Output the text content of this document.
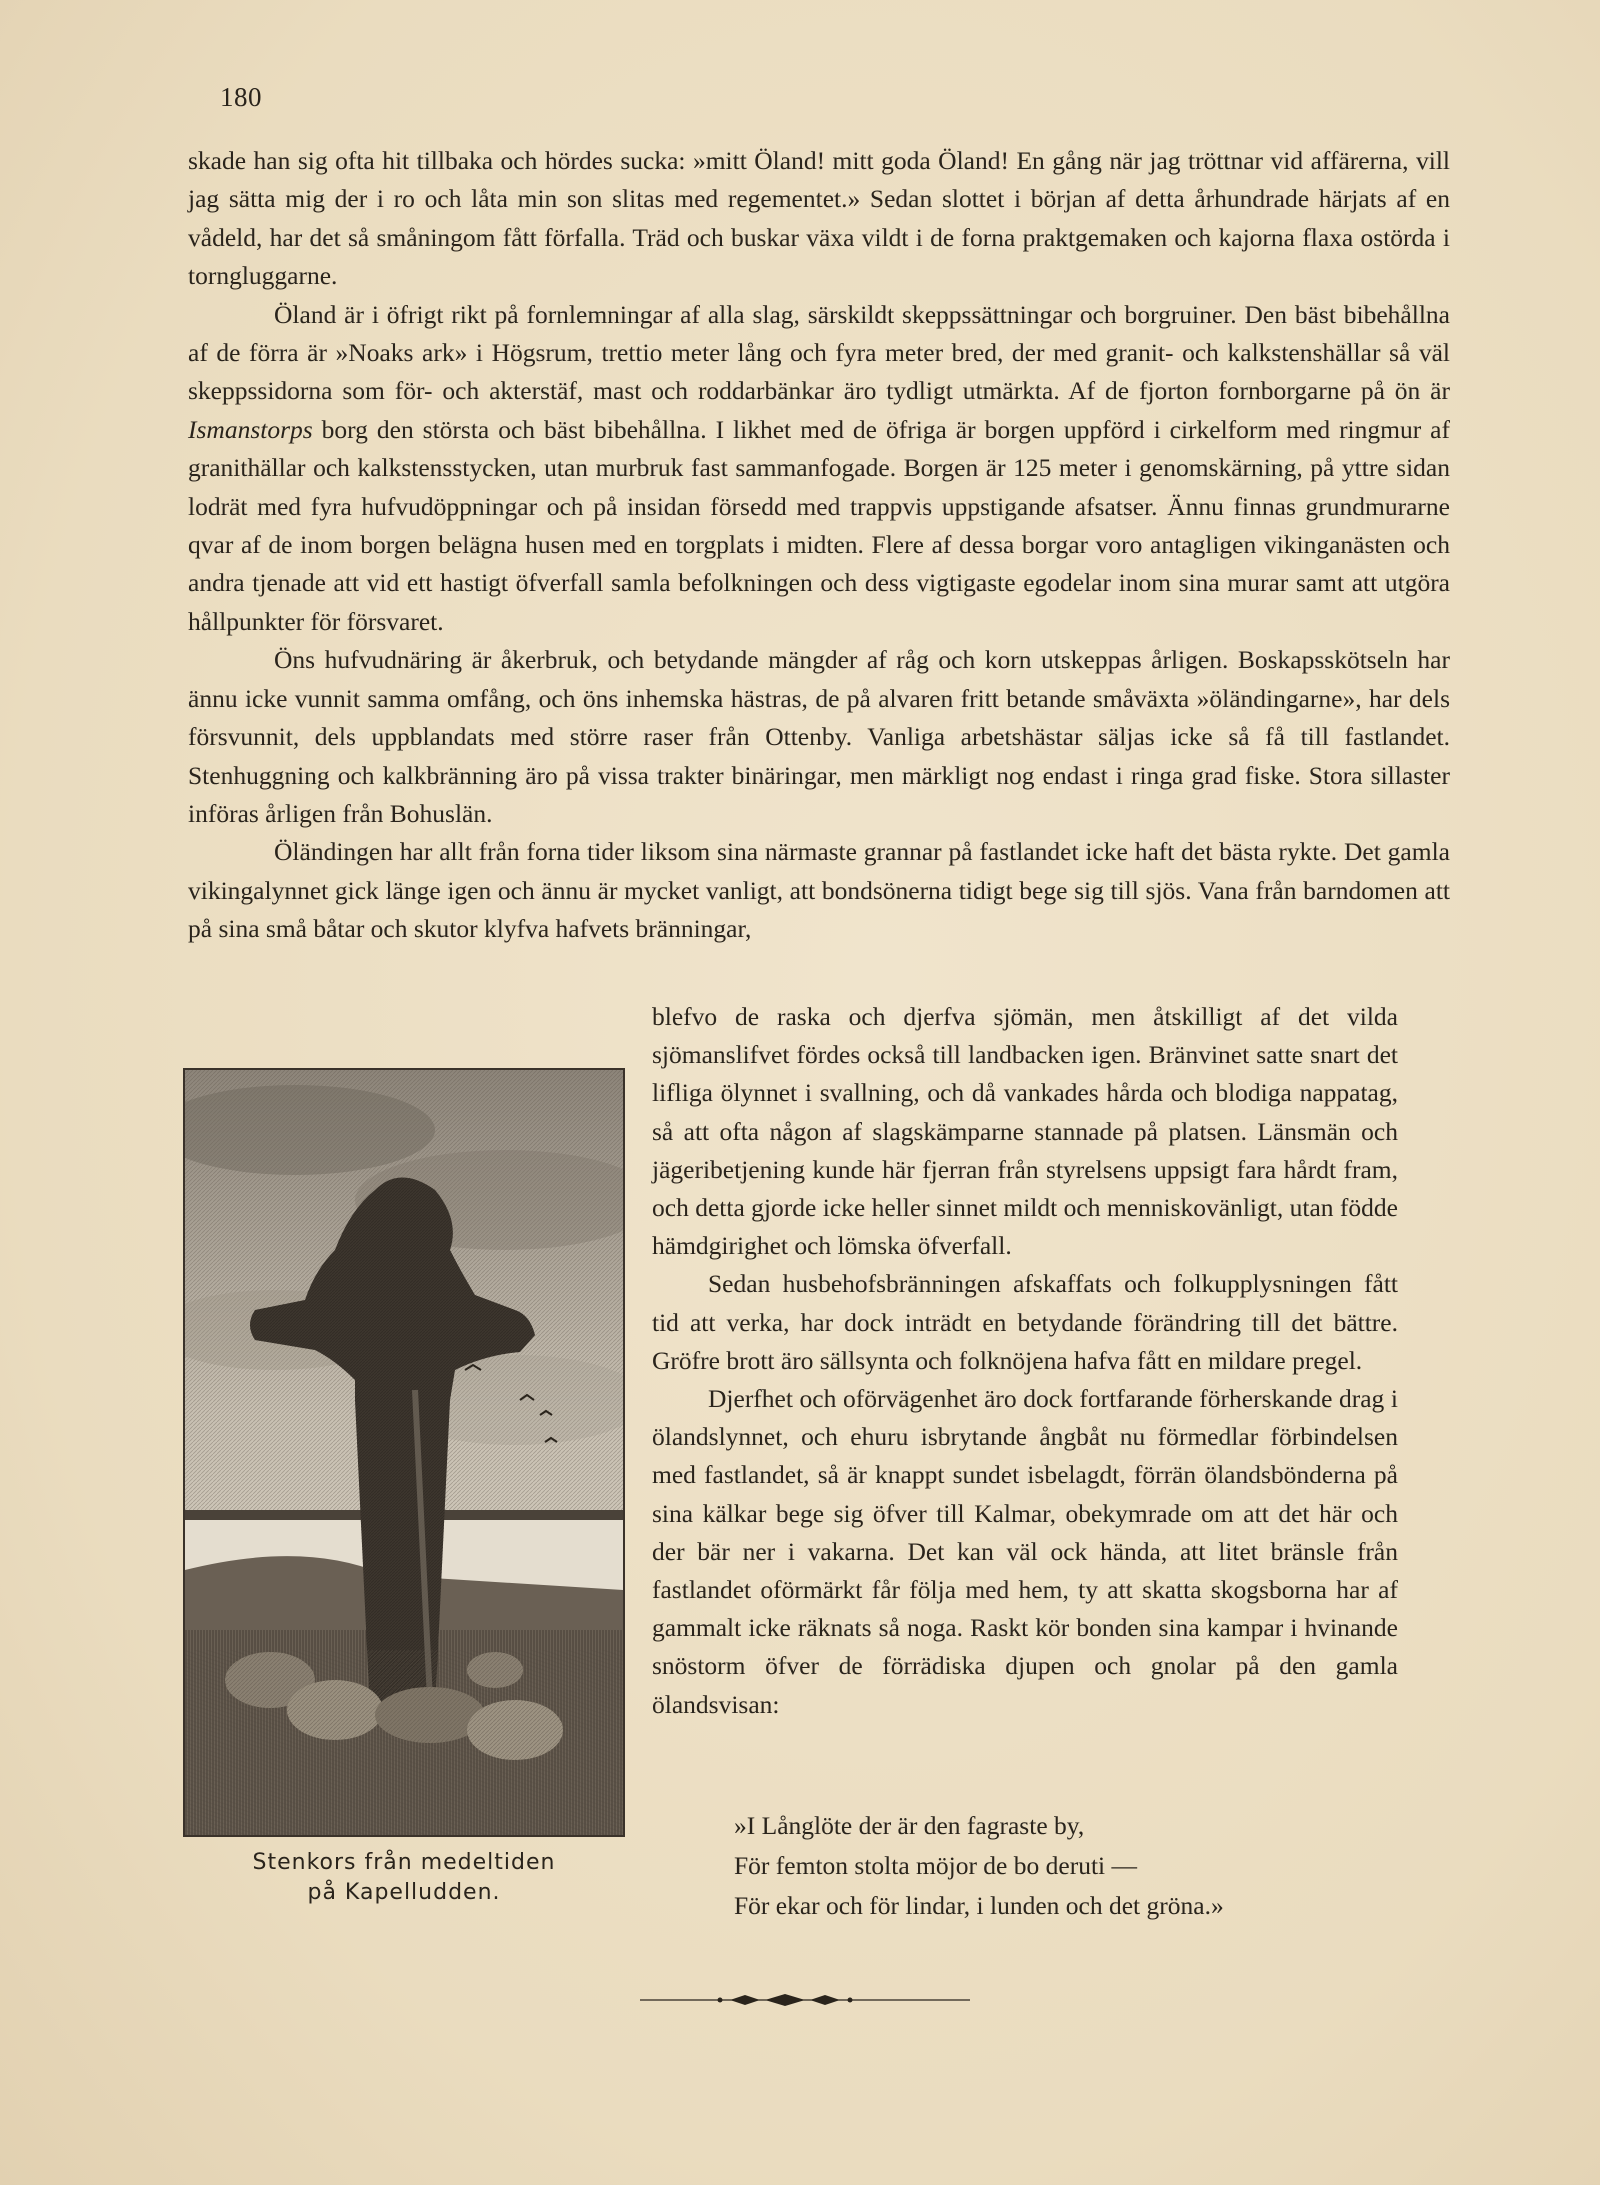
180

skade han sig ofta hit tillbaka och hördes sucka: »mitt Öland! mitt goda Öland! En gång när jag tröttnar vid affärerna, vill jag sätta mig der i ro och låta min son slitas med regementet.» Sedan slottet i början af detta århundrade härjats af en vådeld, har det så småningom fått förfalla. Träd och buskar växa vildt i de forna praktgemaken och kajorna flaxa ostörda i torngluggarne.

Öland är i öfrigt rikt på fornlemningar af alla slag, särskildt skeppssättningar och borgruiner. Den bäst bibehållna af de förra är »Noaks ark» i Högsrum, trettio meter lång och fyra meter bred, der med granit- och kalkstenshällar så väl skeppssidorna som för- och akterstäf, mast och roddarbänkar äro tydligt utmärkta. Af de fjorton fornborgarne på ön är Ismanstorps borg den största och bäst bibehållna. I likhet med de öfriga är borgen uppförd i cirkelform med ringmur af granithällar och kalkstensstycken, utan murbruk fast sammanfogade. Borgen är 125 meter i genomskärning, på yttre sidan lodrät med fyra hufvudöppningar och på insidan försedd med trappvis uppstigande afsatser. Ännu finnas grundmurarne qvar af de inom borgen belägna husen med en torgplats i midten. Flere af dessa borgar voro antagligen vikinganästen och andra tjenade att vid ett hastigt öfverfall samla befolkningen och dess vigtigaste egodelar inom sina murar samt att utgöra hållpunkter för försvaret.

Öns hufvudnäring är åkerbruk, och betydande mängder af råg och korn utskeppas årligen. Boskapsskötseln har ännu icke vunnit samma omfång, och öns inhemska hästras, de på alvaren fritt betande småväxta »öländingarne», har dels försvunnit, dels uppblandats med större raser från Ottenby. Vanliga arbetshästar säljas icke så få till fastlandet. Stenhuggning och kalkbränning äro på vissa trakter binäringar, men märkligt nog endast i ringa grad fiske. Stora sillaster införas årligen från Bohuslän.

Öländingen har allt från forna tider liksom sina närmaste grannar på fastlandet icke haft det bästa rykte. Det gamla vikingalynnet gick länge igen och ännu är mycket vanligt, att bondsönerna tidigt bege sig till sjös. Vana från barndomen att på sina små båtar och skutor klyfva hafvets bränningar,

blefvo de raska och djerfva sjömän, men åtskilligt af det vilda sjömanslifvet fördes också till landbacken igen. Bränvinet satte snart det lifliga ölynnet i svallning, och då vankades hårda och blodiga nappatag, så att ofta någon af slagskämparne stannade på platsen. Länsmän och jägeribetjening kunde här fjerran från styrelsens uppsigt fara hårdt fram, och detta gjorde icke heller sinnet mildt och menniskovänligt, utan födde hämdgirighet och lömska öfverfall.

Sedan husbehofsbränningen afskaffats och folkupplysningen fått tid att verka, har dock inträdt en betydande förändring till det bättre. Gröfre brott äro sällsynta och folknöjena hafva fått en mildare pregel.

Djerfhet och oförvägenhet äro dock fortfarande förherskande drag i ölandslynnet, och ehuru isbrytande ångbåt nu förmedlar förbindelsen med fastlandet, så är knappt sundet isbelagdt, förrän ölandsbönderna på sina kälkar bege sig öfver till Kalmar, obekymrade om att det här och der bär ner i vakarna. Det kan väl ock hända, att litet bränsle från fastlandet oförmärkt får följa med hem, ty att skatta skogsborna har af gammalt icke räknats så noga. Raskt kör bonden sina kampar i hvinande snöstorm öfver de förrädiska djupen och gnolar på den gamla ölandsvisan:

Stenkors från medeltiden
på Kapelludden.
»I Långlöte der är den fagraste by,
För femton stolta möjor de bo deruti —
För ekar och för lindar, i lunden och det gröna.»
